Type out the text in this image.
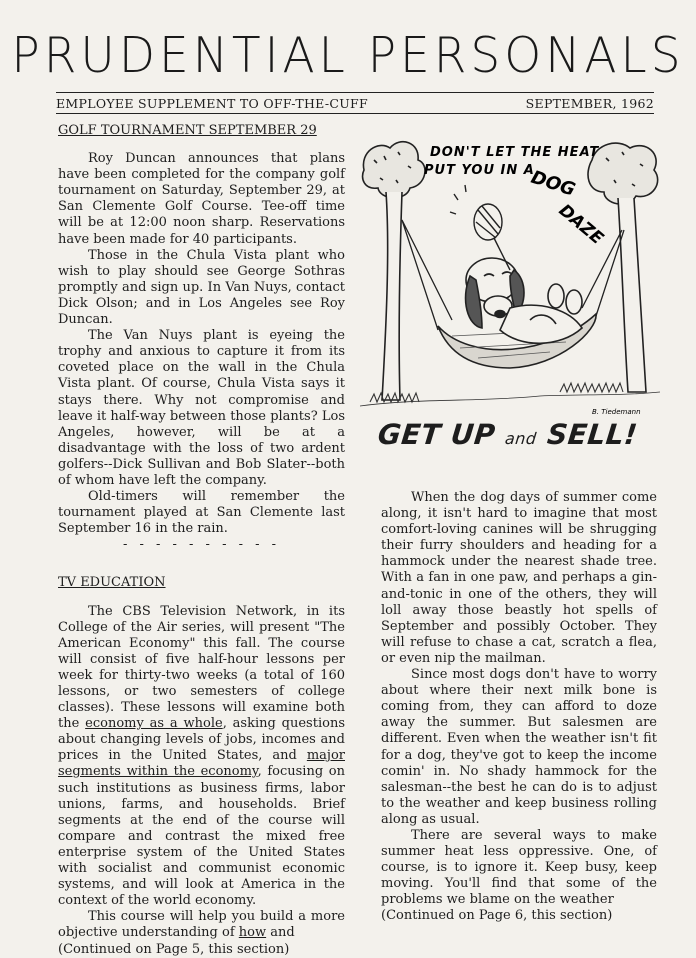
PRUDENTIAL PERSONALS
EMPLOYEE SUPPLEMENT TO OFF-THE-CUFF	SEPTEMBER, 1962
GOLF TOURNAMENT SEPTEMBER 29

Roy Duncan announces that plans have been completed for the company golf tournament on Saturday, September 29, at San Clemente Golf Course. Tee-off time will be at 12:00 noon sharp. Reservations have been made for 40 participants.

Those in the Chula Vista plant who wish to play should see George Sothras promptly and sign up. In Van Nuys, contact Dick Olson; and in Los Angeles see Roy Duncan.

The Van Nuys plant is eyeing the trophy and anxious to capture it from its coveted place on the wall in the Chula Vista plant. Of course, Chula Vista says it stays there. Why not compromise and leave it half-way between those plants? Los Angeles, however, will be at a disadvantage with the loss of two ardent golfers--Dick Sullivan and Bob Slater--both of whom have left the company.

Old-timers will remember the tournament played at San Clemente last September 16 in the rain.

- - - - - - - - - -
TV EDUCATION

The CBS Television Network, in its College of the Air series, will present "The American Economy" this fall. The course will consist of five half-hour lessons per week for thirty-two weeks (a total of 160 lessons, or two semesters of college classes). These lessons will examine both the economy as a whole, asking questions about changing levels of jobs, incomes and prices in the United States, and major segments within the economy, focusing on such institutions as business firms, labor unions, farms, and households. Brief segments at the end of the course will compare and contrast the mixed free enterprise system of the United States with socialist and communist economic systems, and will look at America in the context of the world economy.

This course will help you build a more objective understanding of how and

(Continued on Page 5, this section)

DON'T LET THE HEAT
PUT YOU IN A
DOG
DAZE
B. Tiedemann
GET UP and SELL!

When the dog days of summer come along, it isn't hard to imagine that most comfort-loving canines will be shrugging their furry shoulders and heading for a hammock under the nearest shade tree. With a fan in one paw, and perhaps a gin-and-tonic in one of the others, they will loll away those beastly hot spells of September and possibly October. They will refuse to chase a cat, scratch a flea, or even nip the mailman.

Since most dogs don't have to worry about where their next milk bone is coming from, they can afford to doze away the summer. But salesmen are different. Even when the weather isn't fit for a dog, they've got to keep the income comin' in. No shady hammock for the salesman--the best he can do is to adjust to the weather and keep business rolling along as usual.

There are several ways to make summer heat less oppressive. One, of course, is to ignore it. Keep busy, keep moving. You'll find that some of the problems we blame on the weather

(Continued on Page 6, this section)
